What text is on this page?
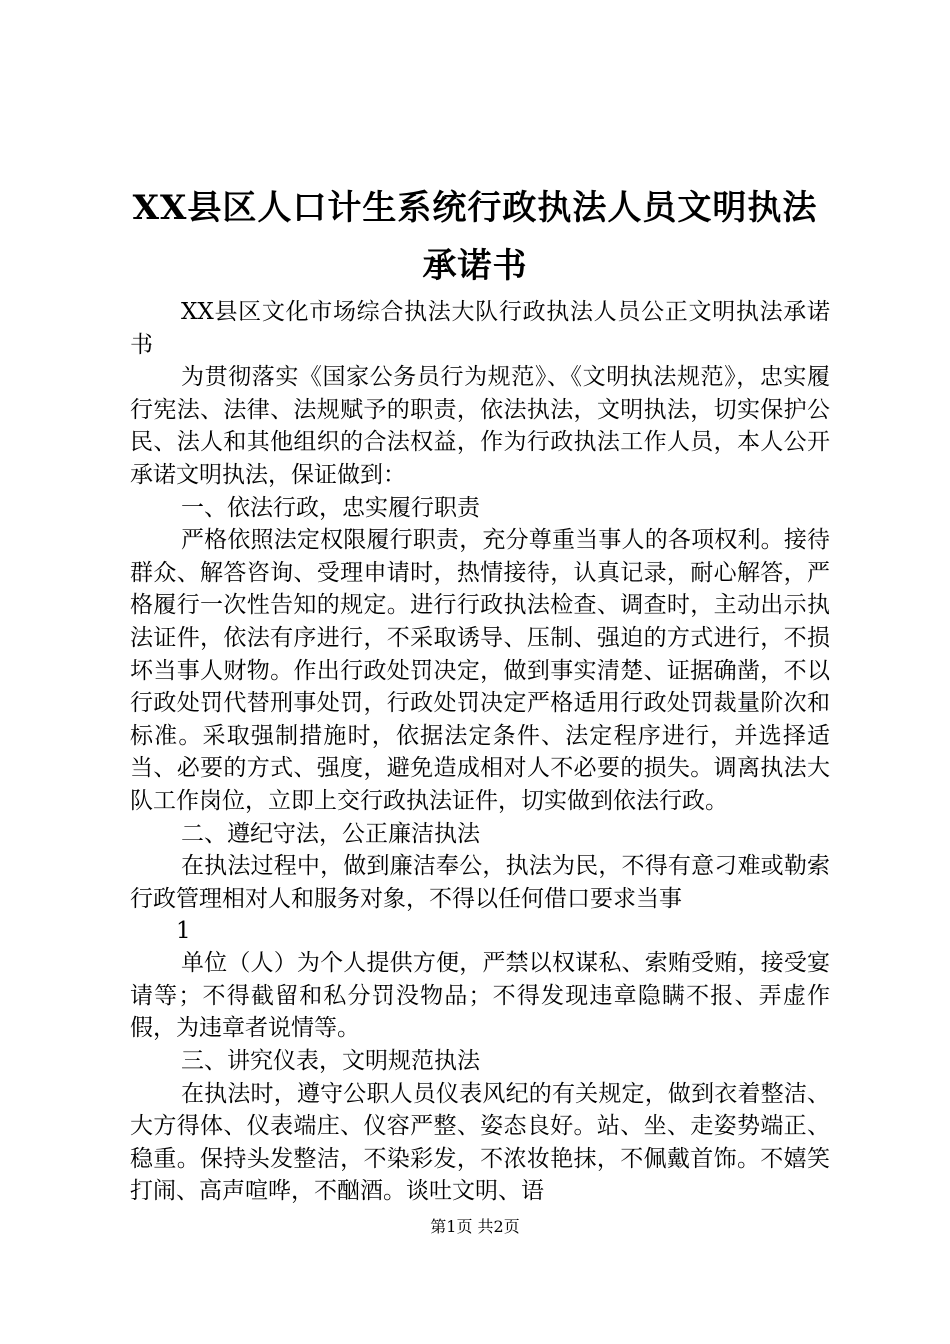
XX县区人口计生系统行政执法人员文明执法
承诺书

XX县区文化市场综合执法大队行政执法人员公正文明执法承诺书

为贯彻落实《国家公务员行为规范》、《文明执法规范》，忠实履行宪法、法律、法规赋予的职责，依法执法，文明执法，切实保护公民、法人和其他组织的合法权益，作为行政执法工作人员，本人公开承诺文明执法，保证做到：

一、依法行政，忠实履行职责

严格依照法定权限履行职责，充分尊重当事人的各项权利。接待群众、解答咨询、受理申请时，热情接待，认真记录，耐心解答，严格履行一次性告知的规定。进行行政执法检查、调查时，主动出示执法证件，依法有序进行，不采取诱导、压制、强迫的方式进行，不损坏当事人财物。作出行政处罚决定，做到事实清楚、证据确凿，不以行政处罚代替刑事处罚，行政处罚决定严格适用行政处罚裁量阶次和标准。采取强制措施时，依据法定条件、法定程序进行，并选择适当、必要的方式、强度，避免造成相对人不必要的损失。调离执法大队工作岗位，立即上交行政执法证件，切实做到依法行政。

二、遵纪守法，公正廉洁执法

在执法过程中，做到廉洁奉公，执法为民，不得有意刁难或勒索行政管理相对人和服务对象，不得以任何借口要求当事

1

单位（人）为个人提供方便，严禁以权谋私、索贿受贿，接受宴请等；不得截留和私分罚没物品；不得发现违章隐瞒不报、弄虚作假，为违章者说情等。

三、讲究仪表，文明规范执法

在执法时，遵守公职人员仪表风纪的有关规定，做到衣着整洁、大方得体、仪表端庄、仪容严整、姿态良好。站、坐、走姿势端正、稳重。保持头发整洁，不染彩发，不浓妆艳抹，不佩戴首饰。不嬉笑打闹、高声喧哗，不酗酒。谈吐文明、语

第1页 共2页
